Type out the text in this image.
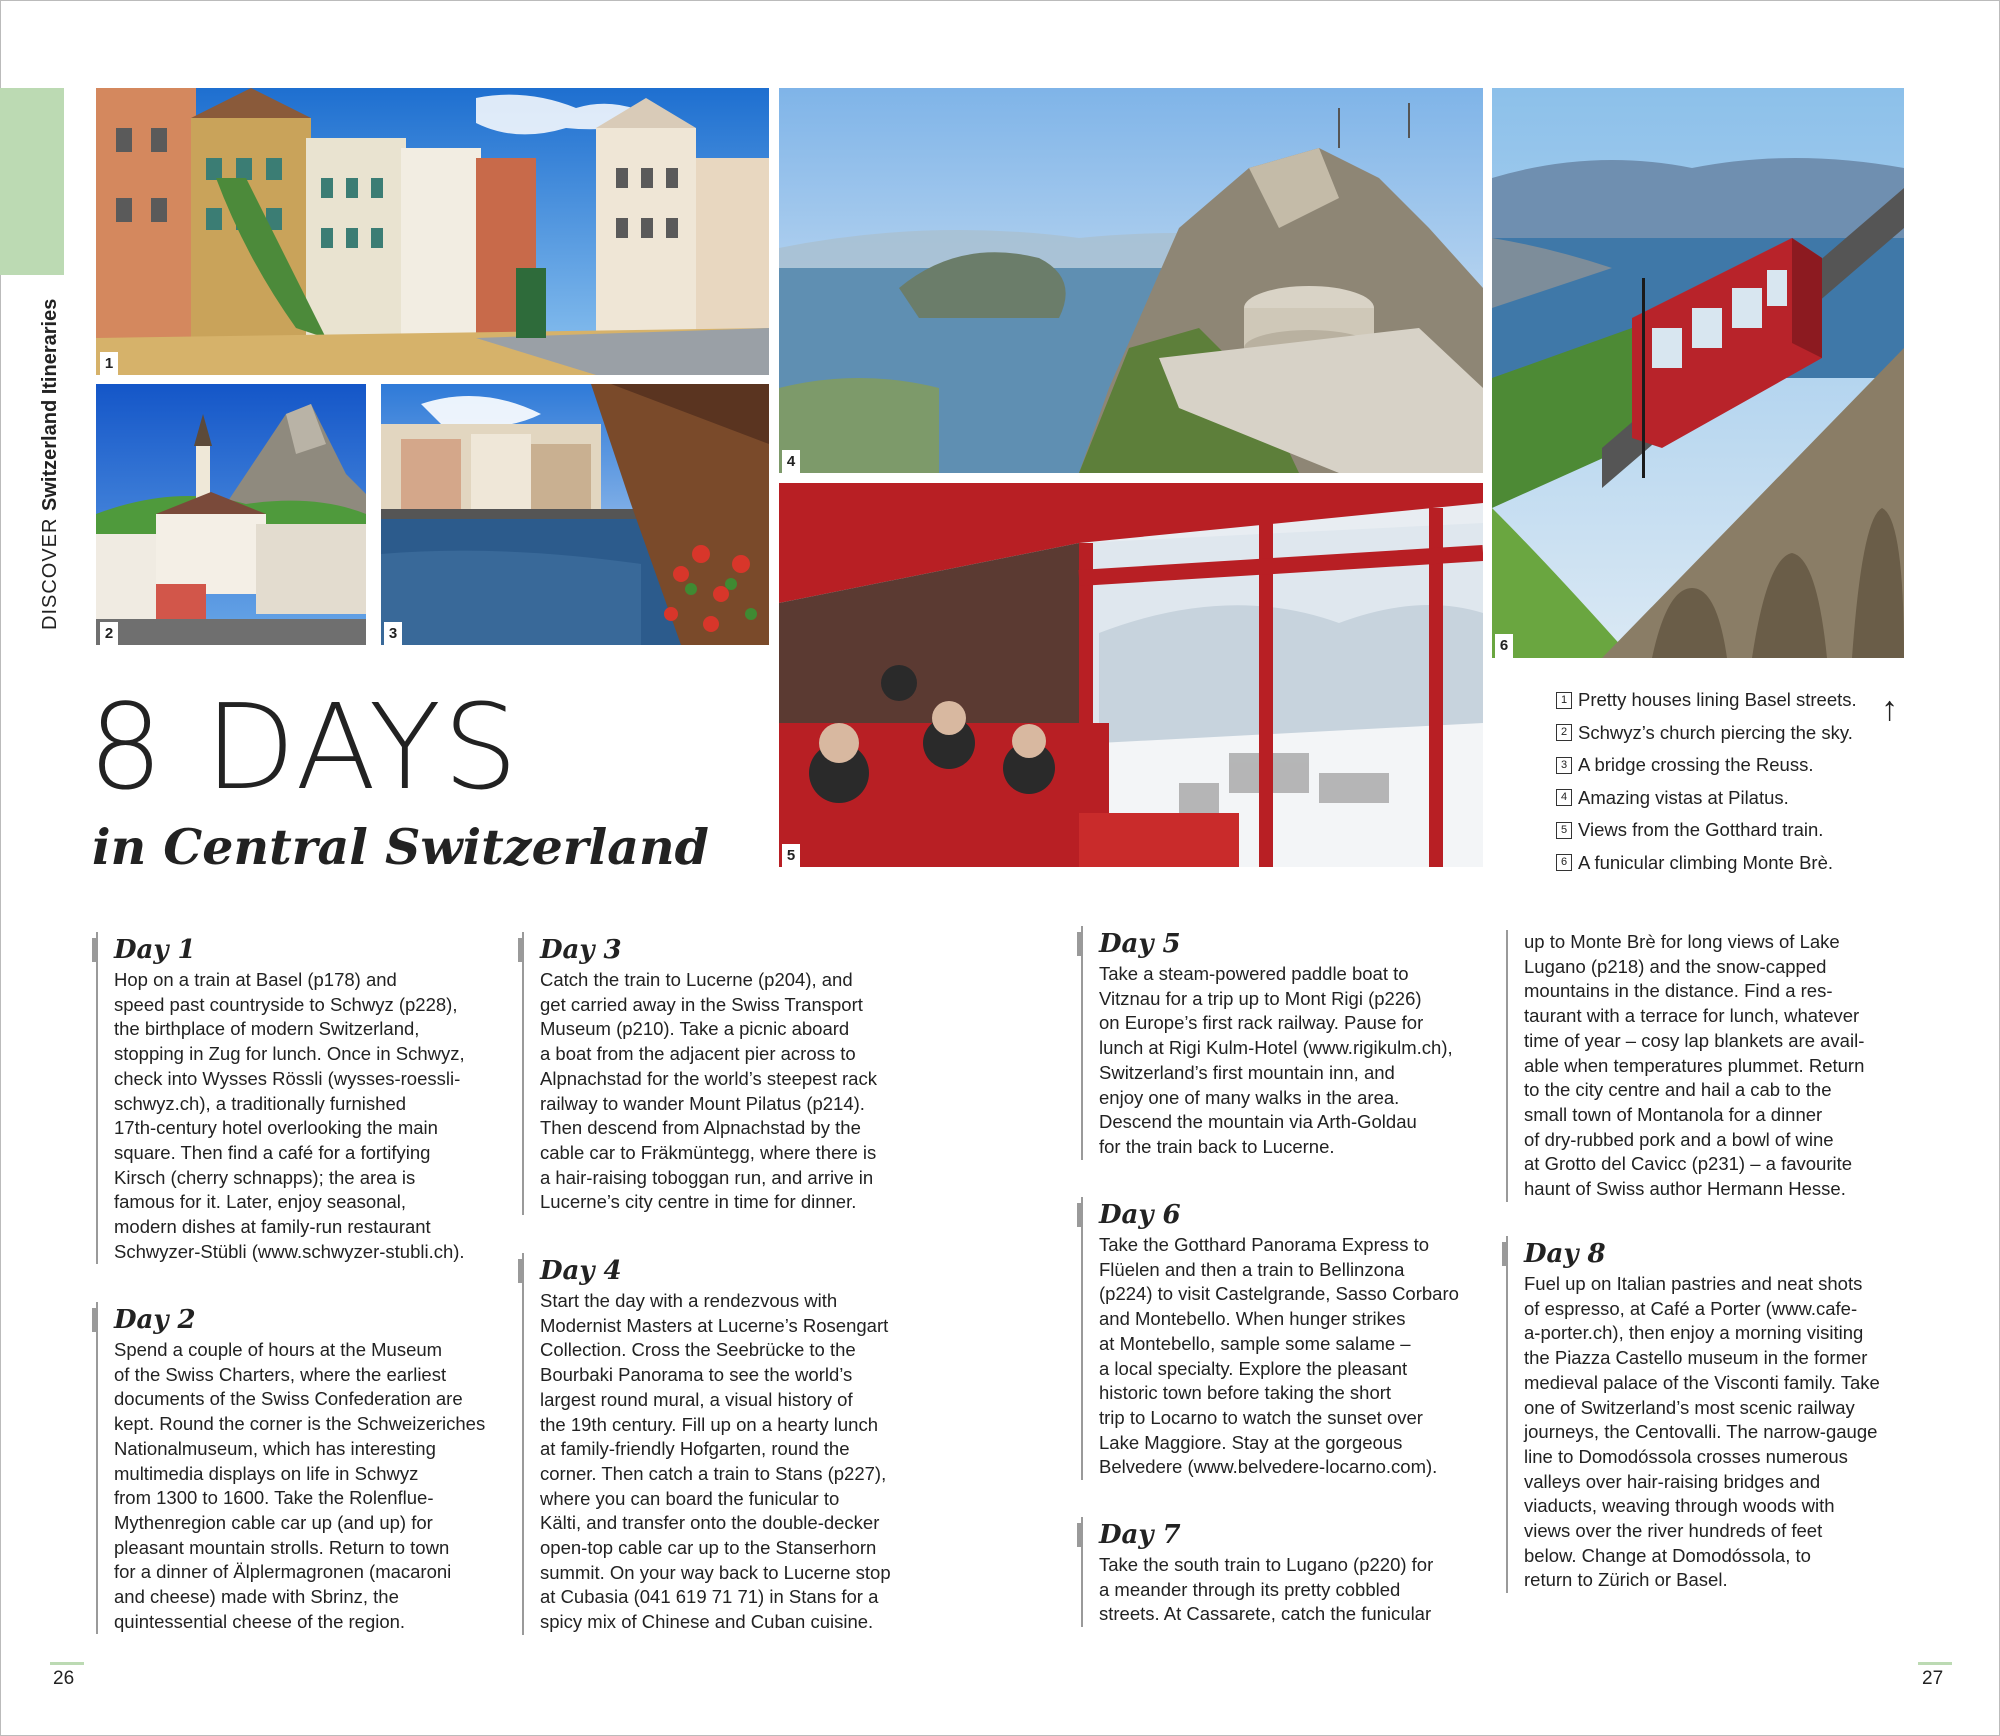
DISCOVER Switzerland Itineraries	1
2	3
4
5
6
8 DAYS
in Central Switzerland
1 Pretty houses lining Basel streets.
2 Schwyz’s church piercing the sky.
3 A bridge crossing the Reuss.
4 Amazing vistas at Pilatus.
5 Views from the Gotthard train.
6 A funicular climbing Monte Brè.
↑
Day 1
Hop on a train at Basel (p178) and
speed past countryside to Schwyz (p228),
the birthplace of modern Switzerland,
stopping in Zug for lunch. Once in Schwyz,
check into Wysses Rössli (wysses-roessli-
schwyz.ch), a traditionally furnished
17th-century hotel overlooking the main
square. Then find a café for a fortifying
Kirsch (cherry schnapps); the area is
famous for it. Later, enjoy seasonal,
modern dishes at family-run restaurant
Schwyzer-Stübli (www.schwyzer-stubli.ch).
Day 2
Spend a couple of hours at the Museum
of the Swiss Charters, where the earliest
documents of the Swiss Confederation are
kept. Round the corner is the Schweizeriches
Nationalmuseum, which has interesting
multimedia displays on life in Schwyz
from 1300 to 1600. Take the Rolenflue-
Mythenregion cable car up (and up) for
pleasant mountain strolls. Return to town
for a dinner of Älplermagronen (macaroni
and cheese) made with Sbrinz, the
quintessential cheese of the region.
Day 3
Catch the train to Lucerne (p204), and
get carried away in the Swiss Transport
Museum (p210). Take a picnic aboard
a boat from the adjacent pier across to
Alpnachstad for the world’s steepest rack
railway to wander Mount Pilatus (p214).
Then descend from Alpnachstad by the
cable car to Fräkmüntegg, where there is
a hair-raising toboggan run, and arrive in
Lucerne’s city centre in time for dinner.
Day 4
Start the day with a rendezvous with
Modernist Masters at Lucerne’s Rosengart
Collection. Cross the Seebrücke to the
Bourbaki Panorama to see the world’s
largest round mural, a visual history of
the 19th century. Fill up on a hearty lunch
at family-friendly Hofgarten, round the
corner. Then catch a train to Stans (p227),
where you can board the funicular to
Kälti, and transfer onto the double-decker
open-top cable car up to the Stanserhorn
summit. On your way back to Lucerne stop
at Cubasia (041 619 71 71) in Stans for a
spicy mix of Chinese and Cuban cuisine.
Day 5
Take a steam-powered paddle boat to
Vitznau for a trip up to Mont Rigi (p226)
on Europe’s first rack railway. Pause for
lunch at Rigi Kulm-Hotel (www.rigikulm.ch),
Switzerland’s first mountain inn, and
enjoy one of many walks in the area.
Descend the mountain via Arth-Goldau
for the train back to Lucerne.
Day 6
Take the Gotthard Panorama Express to
Flüelen and then a train to Bellinzona
(p224) to visit Castelgrande, Sasso Corbaro
and Montebello. When hunger strikes
at Montebello, sample some salame –
a local specialty. Explore the pleasant
historic town before taking the short
trip to Locarno to watch the sunset over
Lake Maggiore. Stay at the gorgeous
Belvedere (www.belvedere-locarno.com).
Day 7
Take the south train to Lugano (p220) for
a meander through its pretty cobbled
streets. At Cassarete, catch the funicular
up to Monte Brè for long views of Lake
Lugano (p218) and the snow-capped
mountains in the distance. Find a res-
taurant with a terrace for lunch, whatever
time of year – cosy lap blankets are avail-
able when temperatures plummet. Return
to the city centre and hail a cab to the
small town of Montanola for a dinner
of dry-rubbed pork and a bowl of wine
at Grotto del Cavicc (p231) – a favourite
haunt of Swiss author Hermann Hesse.
Day 8
Fuel up on Italian pastries and neat shots
of espresso, at Café a Porter (www.cafe-
a-porter.ch), then enjoy a morning visiting
the Piazza Castello museum in the former
medieval palace of the Visconti family. Take
one of Switzerland’s most scenic railway
journeys, the Centovalli. The narrow-gauge
line to Domodóssola crosses numerous
valleys over hair-raising bridges and
viaducts, weaving through woods with
views over the river hundreds of feet
below. Change at Domodóssola, to
return to Zürich or Basel.
26	27
